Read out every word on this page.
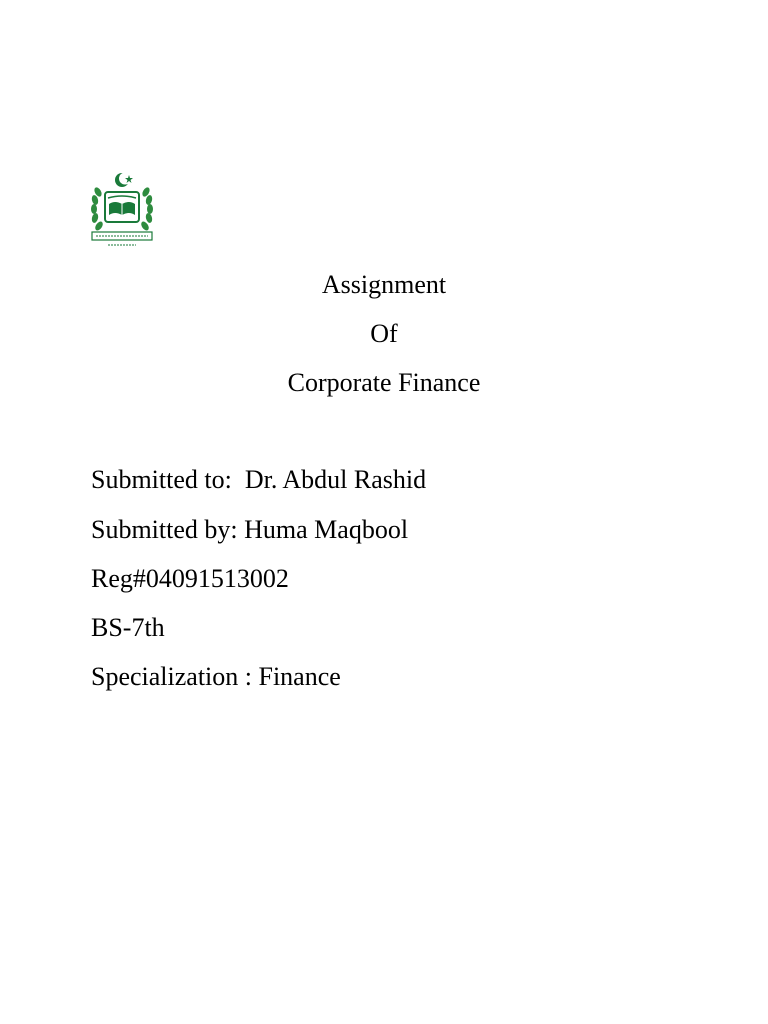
Assignment
Of
Corporate Finance
Submitted to:  Dr. Abdul Rashid
Submitted by: Huma Maqbool
Reg#04091513002
BS-7th
Specialization : Finance
